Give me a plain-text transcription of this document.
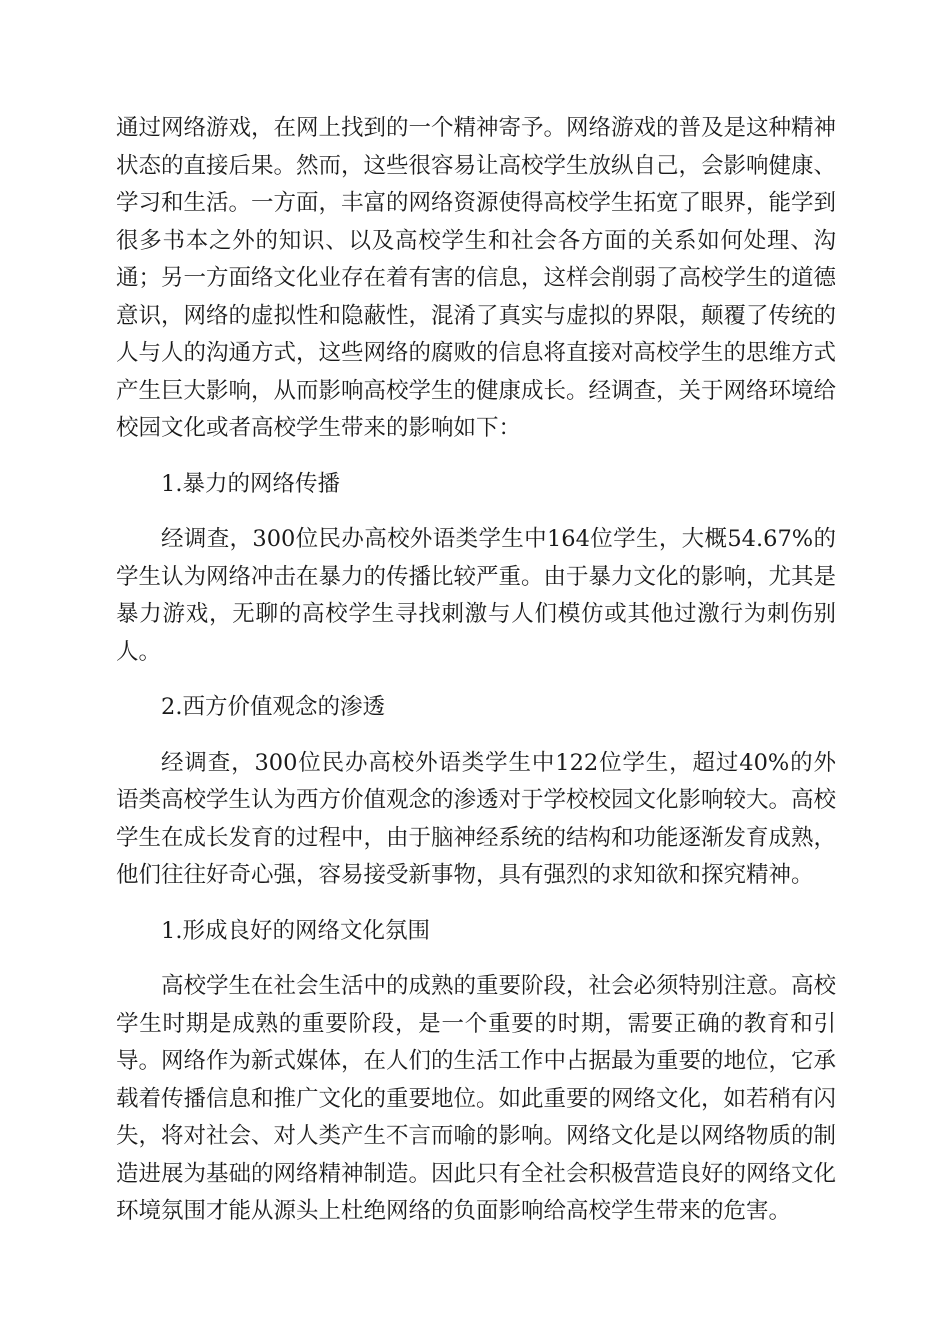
通过网络游戏，在网上找到的一个精神寄予。网络游戏的普及是这种精神状态的直接后果。然而，这些很容易让高校学生放纵自己，会影响健康、学习和生活。一方面，丰富的网络资源使得高校学生拓宽了眼界，能学到很多书本之外的知识、以及高校学生和社会各方面的关系如何处理、沟通；另一方面络文化业存在着有害的信息，这样会削弱了高校学生的道德意识，网络的虚拟性和隐蔽性，混淆了真实与虚拟的界限，颠覆了传统的人与人的沟通方式，这些网络的腐败的信息将直接对高校学生的思维方式产生巨大影响，从而影响高校学生的健康成长。经调查，关于网络环境给校园文化或者高校学生带来的影响如下：

1.暴力的网络传播

经调查，300位民办高校外语类学生中164位学生，大概54.67%的学生认为网络冲击在暴力的传播比较严重。由于暴力文化的影响，尤其是暴力游戏，无聊的高校学生寻找刺激与人们模仿或其他过激行为刺伤别人。

2.西方价值观念的渗透

经调查，300位民办高校外语类学生中122位学生，超过40%的外语类高校学生认为西方价值观念的渗透对于学校校园文化影响较大。高校学生在成长发育的过程中，由于脑神经系统的结构和功能逐渐发育成熟，他们往往好奇心强，容易接受新事物，具有强烈的求知欲和探究精神。

1.形成良好的网络文化氛围

高校学生在社会生活中的成熟的重要阶段，社会必须特别注意。高校学生时期是成熟的重要阶段，是一个重要的时期，需要正确的教育和引导。网络作为新式媒体，在人们的生活工作中占据最为重要的地位，它承载着传播信息和推广文化的重要地位。如此重要的网络文化，如若稍有闪失，将对社会、对人类产生不言而喻的影响。网络文化是以网络物质的制造进展为基础的网络精神制造。因此只有全社会积极营造良好的网络文化环境氛围才能从源头上杜绝网络的负面影响给高校学生带来的危害。
